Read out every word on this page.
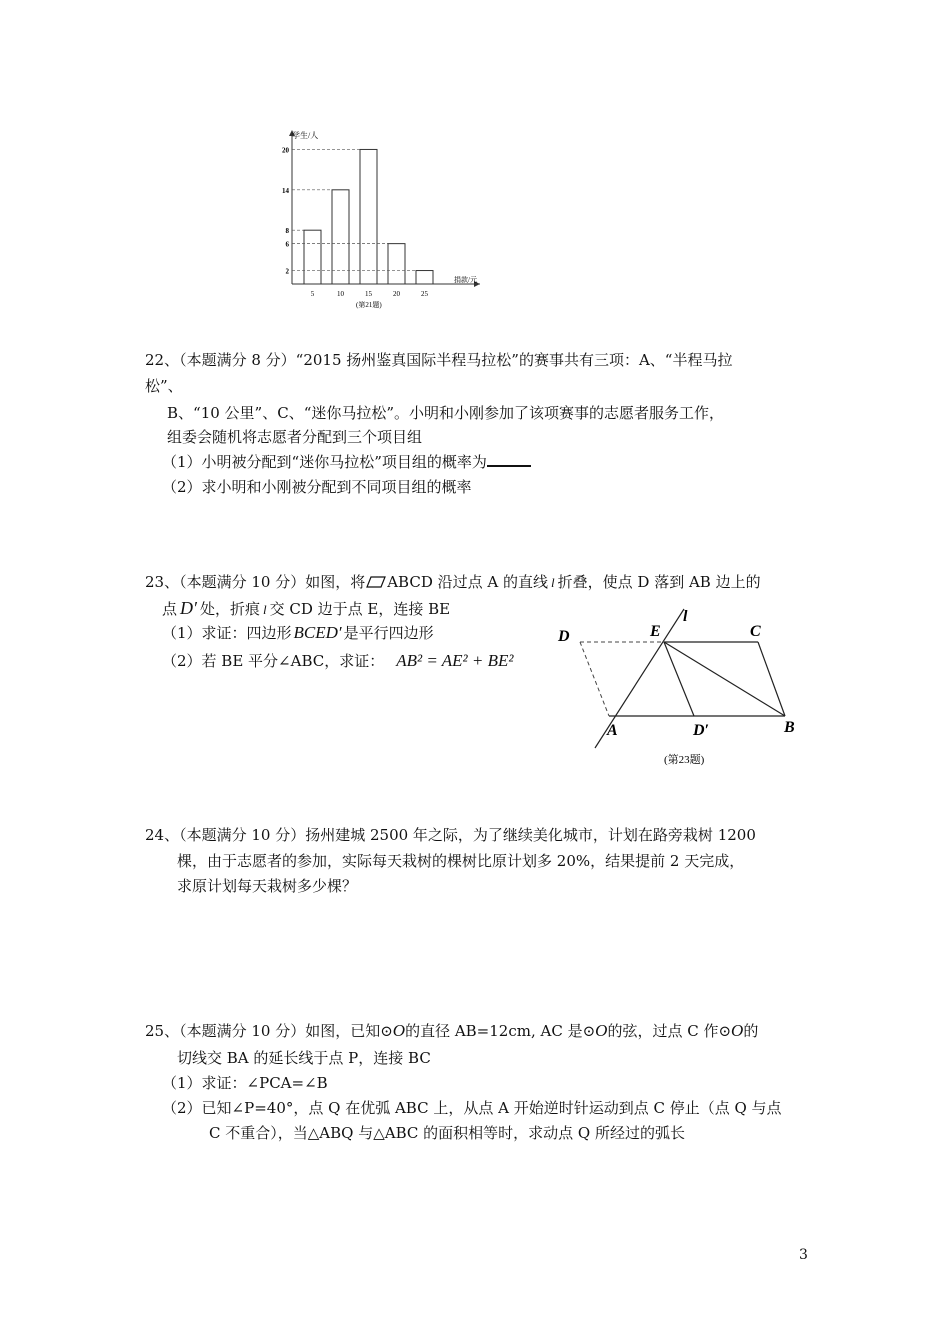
5	10	15	20	25
2
6
8
14
20
学生/人
捐款/元
(第21题)
22、（本题满分 8 分）“2015 扬州鉴真国际半程马拉松”的赛事共有三项：A、“半程马拉
松”、
B、“10 公里”、C、“迷你马拉松”。小明和小刚参加了该项赛事的志愿者服务工作，
组委会随机将志愿者分配到三个项目组
（1）小明被分配到“迷你马拉松”项目组的概率为
（2）求小明和小刚被分配到不同项目组的概率
23、（本题满分 10 分）如图，将 ABCD 沿过点 A 的直线 l 折叠，使点 D 落到 AB 边上的
点 D′ 处，折痕 l 交 CD 边于点 E，连接 BE
（1）求证：四边形 BCED′ 是平行四边形
（2）若 BE 平分∠ABC，求证： AB² = AE² + BE²
D	E
l
C
A	D′	B
(第23题)
24、（本题满分 10 分）扬州建城 2500 年之际，为了继续美化城市，计划在路旁栽树 1200
棵，由于志愿者的参加，实际每天栽树的棵树比原计划多 20%，结果提前 2 天完成，
求原计划每天栽树多少棵？
25、（本题满分 10 分）如图，已知⊙O的直径 AB=12cm, AC 是⊙O的弦，过点 C 作⊙O的
切线交 BA 的延长线于点 P，连接 BC
（1）求证：∠PCA=∠B
（2）已知∠P=40°，点 Q 在优弧 ABC 上，从点 A 开始逆时针运动到点 C 停止（点 Q 与点
C 不重合），当△ABQ 与△ABC 的面积相等时，求动点 Q 所经过的弧长
3
